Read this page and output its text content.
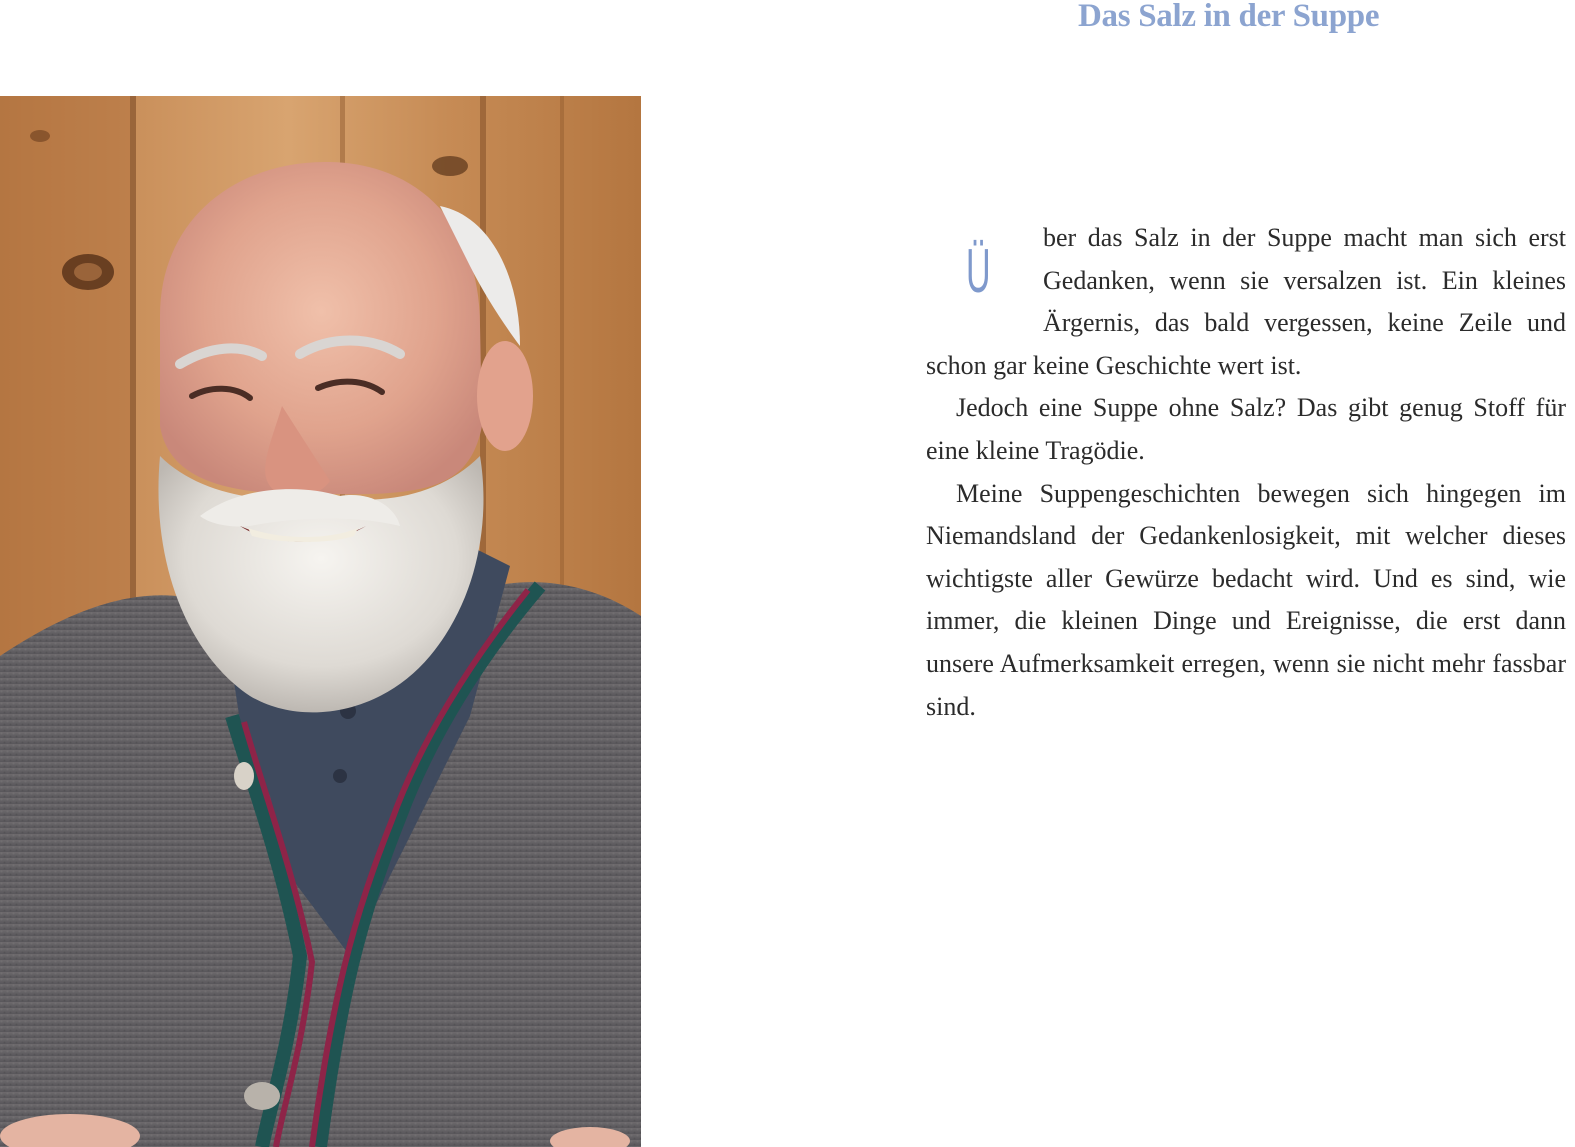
Das Salz in der Suppe

Ü ber das Salz in der Suppe macht man sich erst Gedanken, wenn sie versalzen ist. Ein kleines Ärgernis, das bald vergessen, keine Zeile und schon gar keine Geschichte wert ist.

Jedoch eine Suppe ohne Salz? Das gibt genug Stoff für eine kleine Tragödie.

Meine Suppengeschichten bewegen sich hingegen im Niemandsland der Gedankenlosigkeit, mit welcher dieses wichtigste aller Gewürze bedacht wird. Und es sind, wie immer, die kleinen Dinge und Ereignisse, die erst dann unsere Aufmerksamkeit erregen, wenn sie nicht mehr fassbar sind.
